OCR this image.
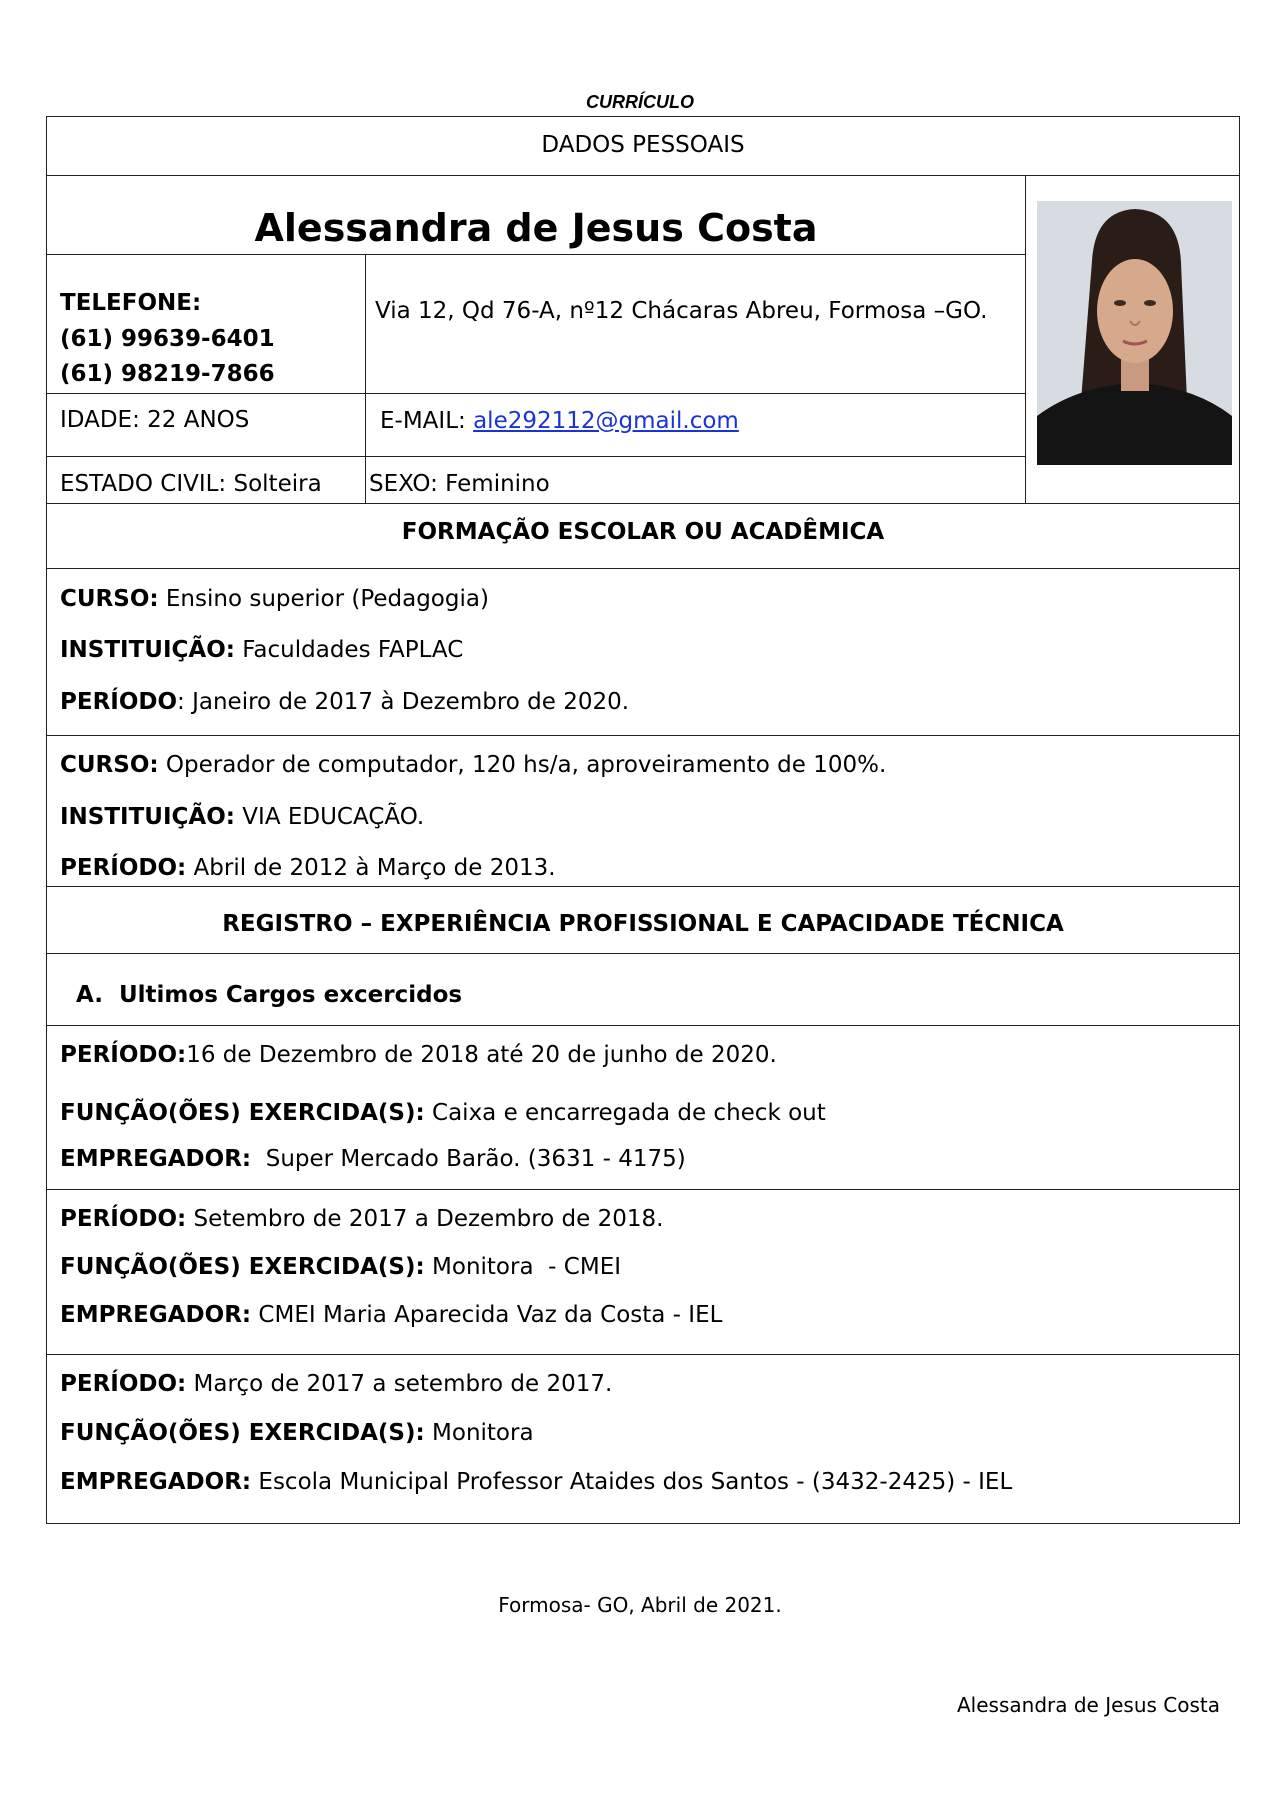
CURRÍCULO
DADOS PESSOAIS
Alessandra de Jesus Costa
TELEFONE:
(61) 99639-6401
(61) 98219-7866
Via 12, Qd 76-A, nº12 Chácaras Abreu, Formosa –GO.
IDADE: 22 ANOS	E-MAIL: ale292112@gmail.com
ESTADO CIVIL: Solteira SEXO: Feminino
FORMAÇÃO ESCOLAR OU ACADÊMICA
CURSO: Ensino superior (Pedagogia)
INSTITUIÇÃO: Faculdades FAPLAC
PERÍODO: Janeiro de 2017 à Dezembro de 2020.
CURSO: Operador de computador, 120 hs/a, aproveiramento de 100%.
INSTITUIÇÃO: VIA EDUCAÇÃO.
PERÍODO: Abril de 2012 à Março de 2013.
REGISTRO – EXPERIÊNCIA PROFISSIONAL E CAPACIDADE TÉCNICA
A. Ultimos Cargos excercidos
PERÍODO:16 de Dezembro de 2018 até 20 de junho de 2020.
FUNÇÃO(ÕES) EXERCIDA(S): Caixa e encarregada de check out
EMPREGADOR:  Super Mercado Barão. (3631 - 4175)
PERÍODO: Setembro de 2017 a Dezembro de 2018.
FUNÇÃO(ÕES) EXERCIDA(S): Monitora  - CMEI
EMPREGADOR: CMEI Maria Aparecida Vaz da Costa - IEL
PERÍODO: Março de 2017 a setembro de 2017.
FUNÇÃO(ÕES) EXERCIDA(S): Monitora
EMPREGADOR: Escola Municipal Professor Ataides dos Santos - (3432-2425) - IEL
Formosa- GO, Abril de 2021.
Alessandra de Jesus Costa
